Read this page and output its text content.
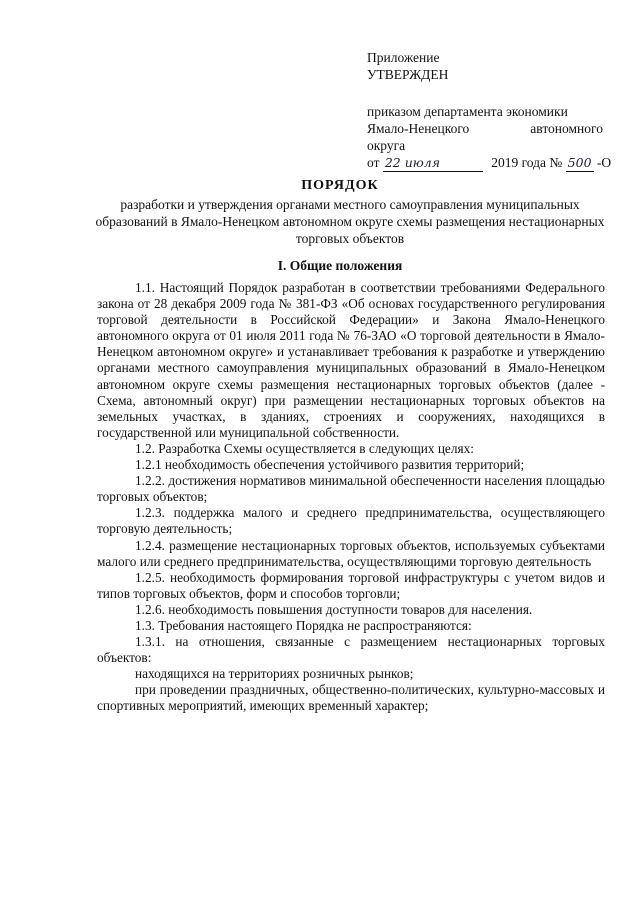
Приложение
УТВЕРЖДЕН
приказом департамента экономики
Ямало-Ненецкого	автономного
округа
от 22 июля	2019 года № 500 -О
ПОРЯДОК
разработки и утверждения органами местного самоуправления муниципальных образований в Ямало-Ненецком автономном округе схемы размещения нестационарных торговых объектов
I. Общие положения

1.1. Настоящий Порядок разработан в соответствии требованиями Федерального закона от 28 декабря 2009 года № 381-ФЗ «Об основах государственного регулирования торговой деятельности в Российской Федерации» и Закона Ямало-Ненецкого автономного округа от 01 июля 2011 года № 76-ЗАО «О торговой деятельности в Ямало-Ненецком автономном округе» и устанавливает требования к разработке и утверждению органами местного самоуправления муниципальных образований в Ямало-Ненецком автономном округе схемы размещения нестационарных торговых объектов (далее - Схема, автономный округ) при размещении нестационарных торговых объектов на земельных участках, в зданиях, строениях и сооружениях, находящихся в государственной или муниципальной собственности.

1.2. Разработка Схемы осуществляется в следующих целях:

1.2.1 необходимость обеспечения устойчивого развития территорий;

1.2.2. достижения нормативов минимальной обеспеченности населения площадью торговых объектов;

1.2.3. поддержка малого и среднего предпринимательства, осуществляющего торговую деятельность;

1.2.4. размещение нестационарных торговых объектов, используемых субъектами малого или среднего предпринимательства, осуществляющими торговую деятельность

1.2.5. необходимость формирования торговой инфраструктуры с учетом видов и типов торговых объектов, форм и способов торговли;

1.2.6. необходимость повышения доступности товаров для населения.

1.3. Требования настоящего Порядка не распространяются:

1.3.1. на отношения, связанные с размещением нестационарных торговых объектов:

находящихся на территориях розничных рынков;

при проведении праздничных, общественно-политических, культурно-массовых и спортивных мероприятий, имеющих временный характер;
